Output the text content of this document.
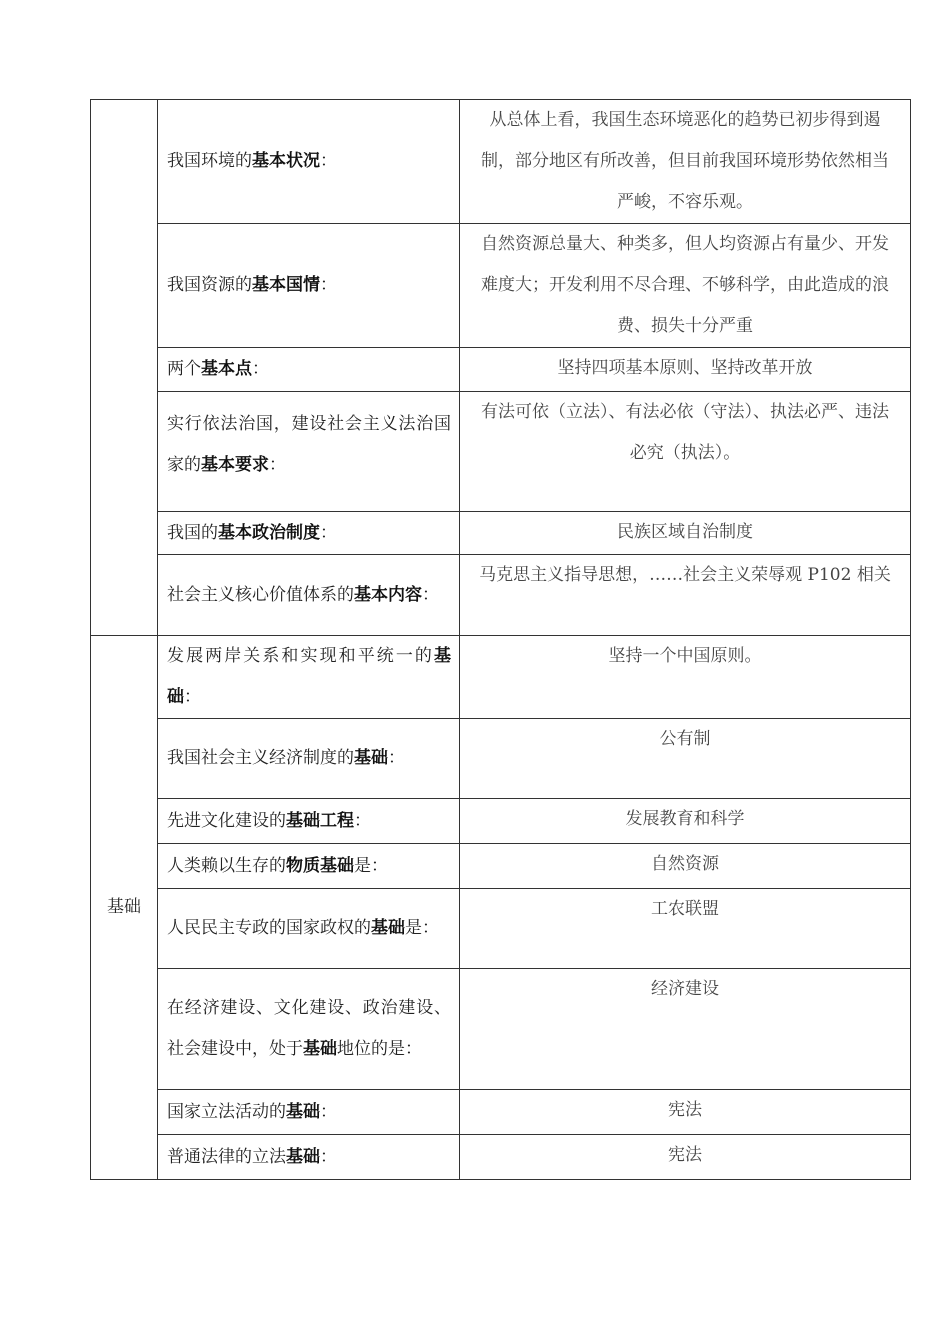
	我国环境的基本状况：	从总体上看，我国生态环境恶化的趋势已初步得到遏制，部分地区有所改善，但目前我国环境形势依然相当严峻，不容乐观。
	我国资源的基本国情：	自然资源总量大、种类多，但人均资源占有量少、开发难度大；开发利用不尽合理、不够科学，由此造成的浪费、损失十分严重
	两个基本点：	坚持四项基本原则、坚持改革开放
	实行依法治国，建设社会主义法治国家的基本要求：	有法可依（立法）、有法必依（守法）、执法必严、违法必究（执法）。
	我国的基本政治制度：	民族区域自治制度
	社会主义核心价值体系的基本内容：	马克思主义指导思想，……社会主义荣辱观 P102 相关
基础	发展两岸关系和实现和平统一的基础：	坚持一个中国原则。
	我国社会主义经济制度的基础：	公有制
	先进文化建设的基础工程：	发展教育和科学
	人类赖以生存的物质基础是：	自然资源
	人民民主专政的国家政权的基础是：	工农联盟
	在经济建设、文化建设、政治建设、社会建设中，处于基础地位的是：	经济建设
	国家立法活动的基础：	宪法
	普通法律的立法基础：	宪法
